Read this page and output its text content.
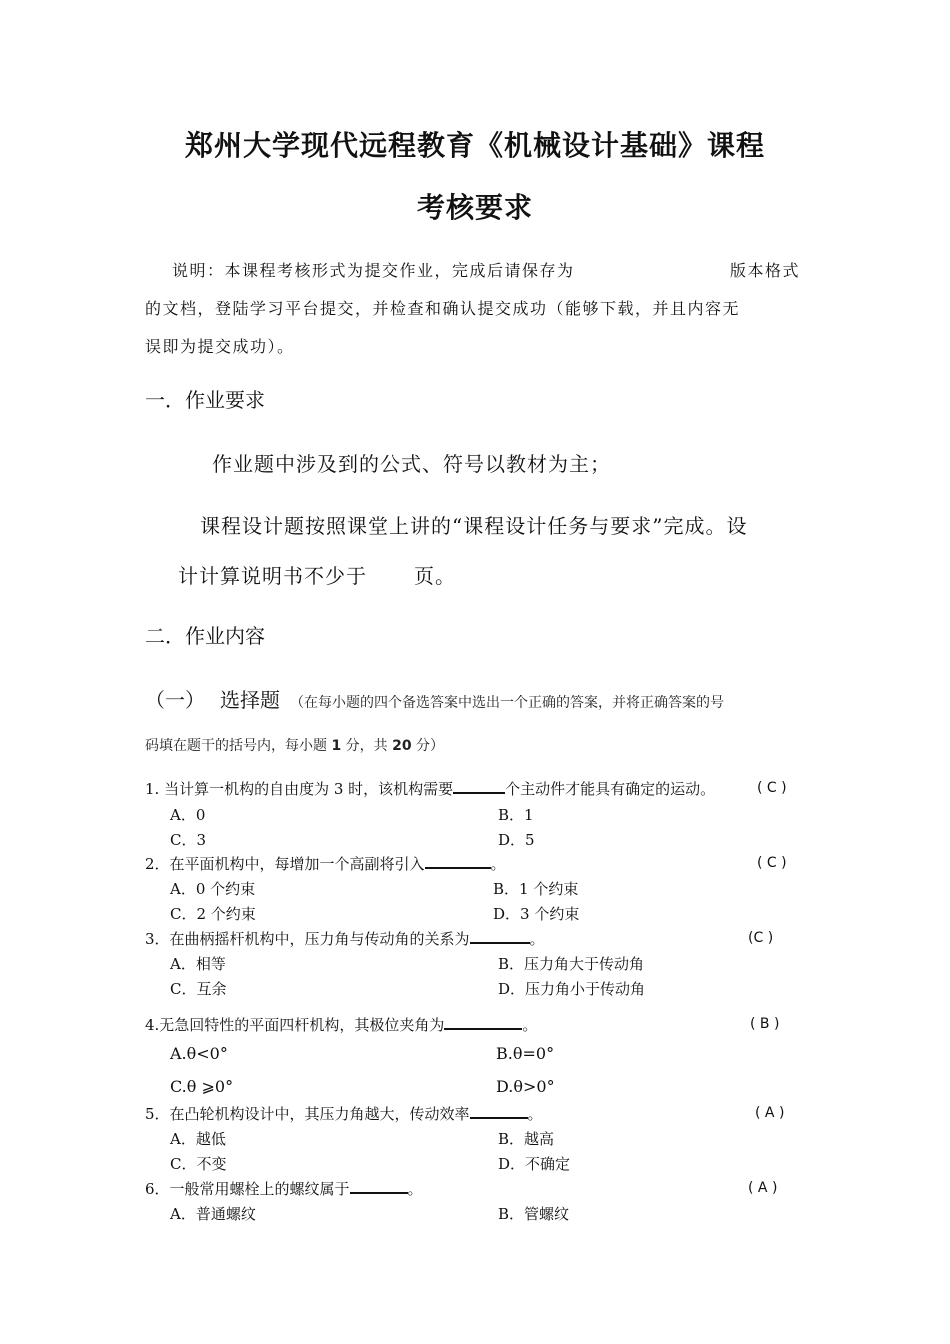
郑州大学现代远程教育《机械设计基础》课程
考核要求
说明：本课程考核形式为提交作业，完成后请保存为	版本格式
的文档，登陆学习平台提交，并检查和确认提交成功（能够下载，并且内容无
误即为提交成功）。
一．作业要求
作业题中涉及到的公式、符号以教材为主；
课程设计题按照课堂上讲的“课程设计任务与要求”完成。设
计计算说明书不少于 页。
二．作业内容
（一） 选择题 （在每小题的四个备选答案中选出一个正确的答案，并将正确答案的号
码填在题干的括号内，每小题 1 分，共 20 分）
1. 当计算一机构的自由度为 3 时，该机构需要	个主动件才能具有确定的运动。	( C )
A．0	B．1
C．3	D．5
2．在平面机构中，每增加一个高副将引入	。	( C )
A．0 个约束	B．1 个约束
C．2 个约束	D．3 个约束
3．在曲柄摇杆机构中，压力角与传动角的关系为	。	(C )
A．相等	B．压力角大于传动角
C．互余	D．压力角小于传动角
4.无急回特性的平面四杆机构，其极位夹角为	。	( B )
A.θ<0°	B.θ=0°
C.θ ⩾0°	D.θ>0°
5．在凸轮机构设计中，其压力角越大，传动效率	。	( A )
A．越低	B．越高
C．不变	D．不确定
6．一般常用螺栓上的螺纹属于	。	( A )
A．普通螺纹	B．管螺纹
